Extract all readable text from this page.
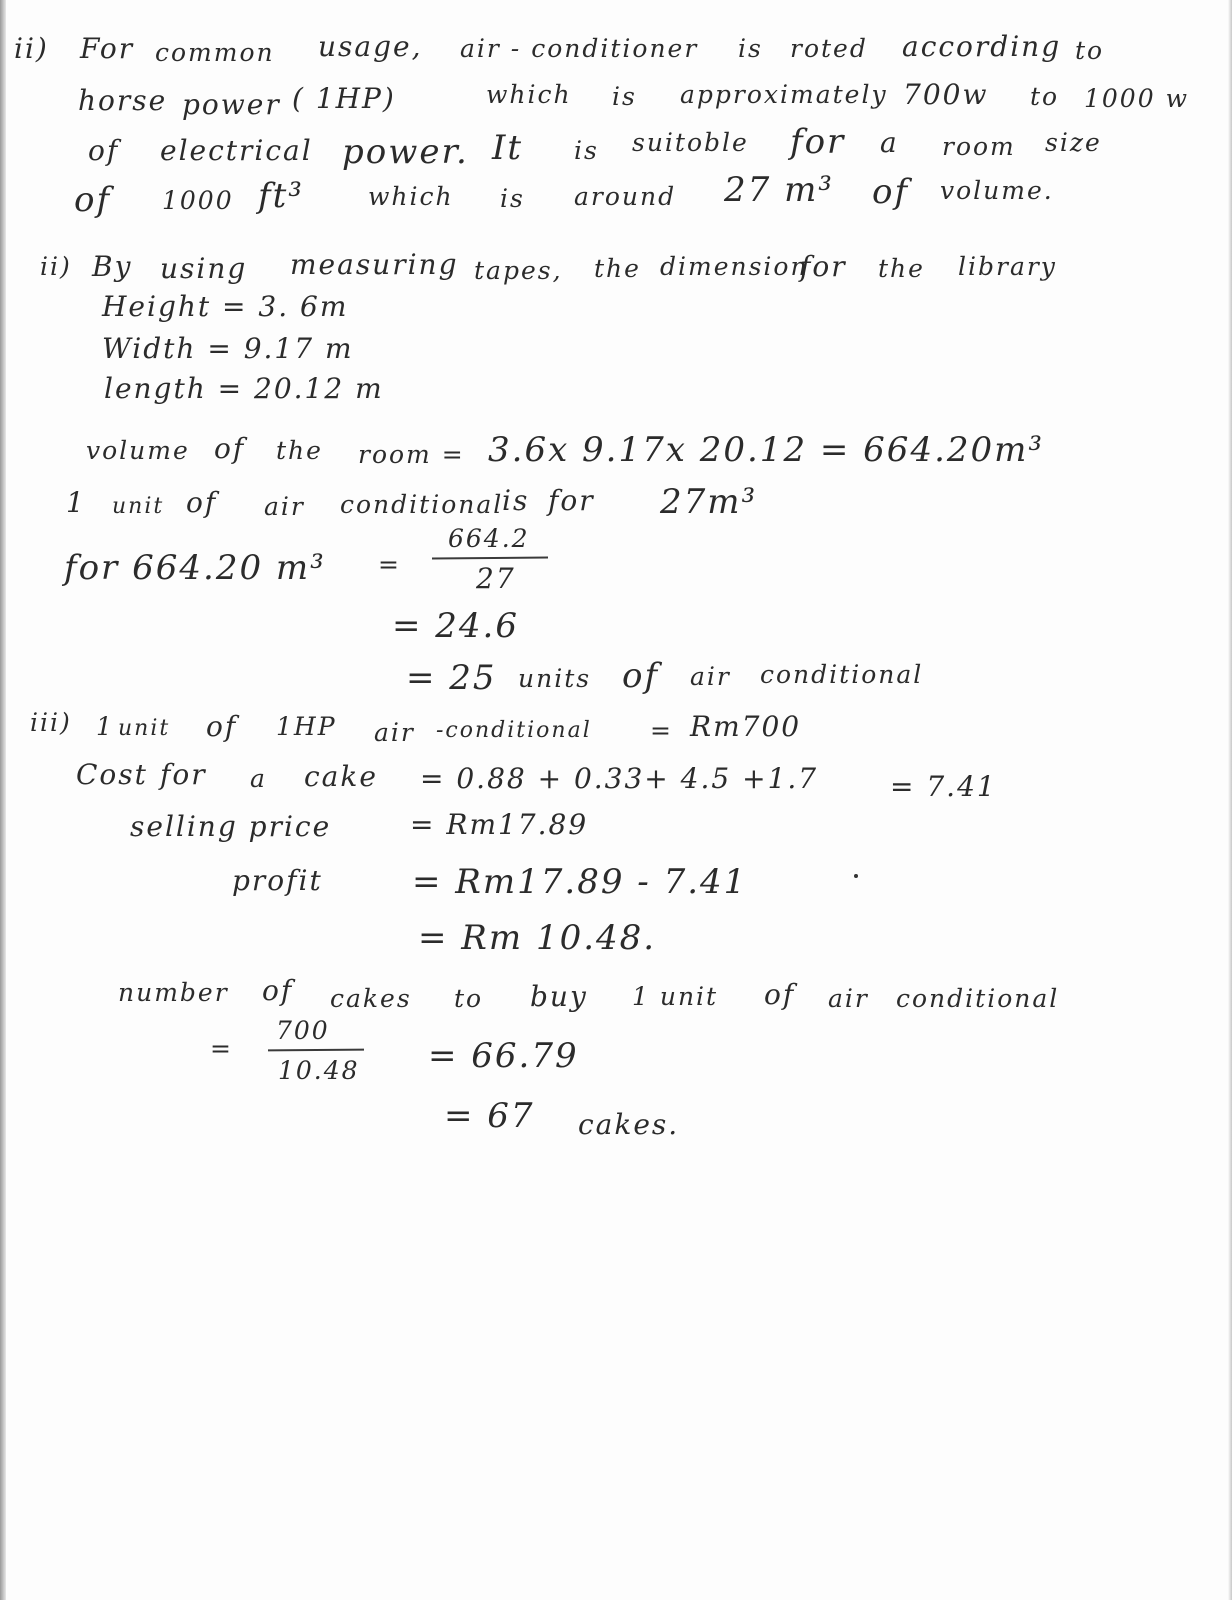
ii) For common usage, air - conditioner is roted according to
horse power ( 1HP)	which is approximately 700w to 1000 w
of electrical power. It is suitoble for a room size
of 1000 ft³	which is around 27 m³ of volume.
ii) By using measuring tapes, the dimension
for the library
Height = 3. 6m
Width = 9.17 m
length = 20.12 m
volume of the room = 3.6x 9.17x 20.12 = 664.20m³
1 unit of air conditional
is for 27m³
for 664.20 m³ =
664.2
27
= 24.6
= 25 units of air conditional
iii) 1 unit of 1HP air -conditional = Rm700
Cost for a cake = 0.88 + 0.33+ 4.5 +1.7	= 7.41
selling price	= Rm17.89
profit	= Rm17.89 - 7.41
= Rm 10.48.
number of cakes to buy 1 unit of air conditional
=
700
10.48 = 66.79
= 67 cakes.
